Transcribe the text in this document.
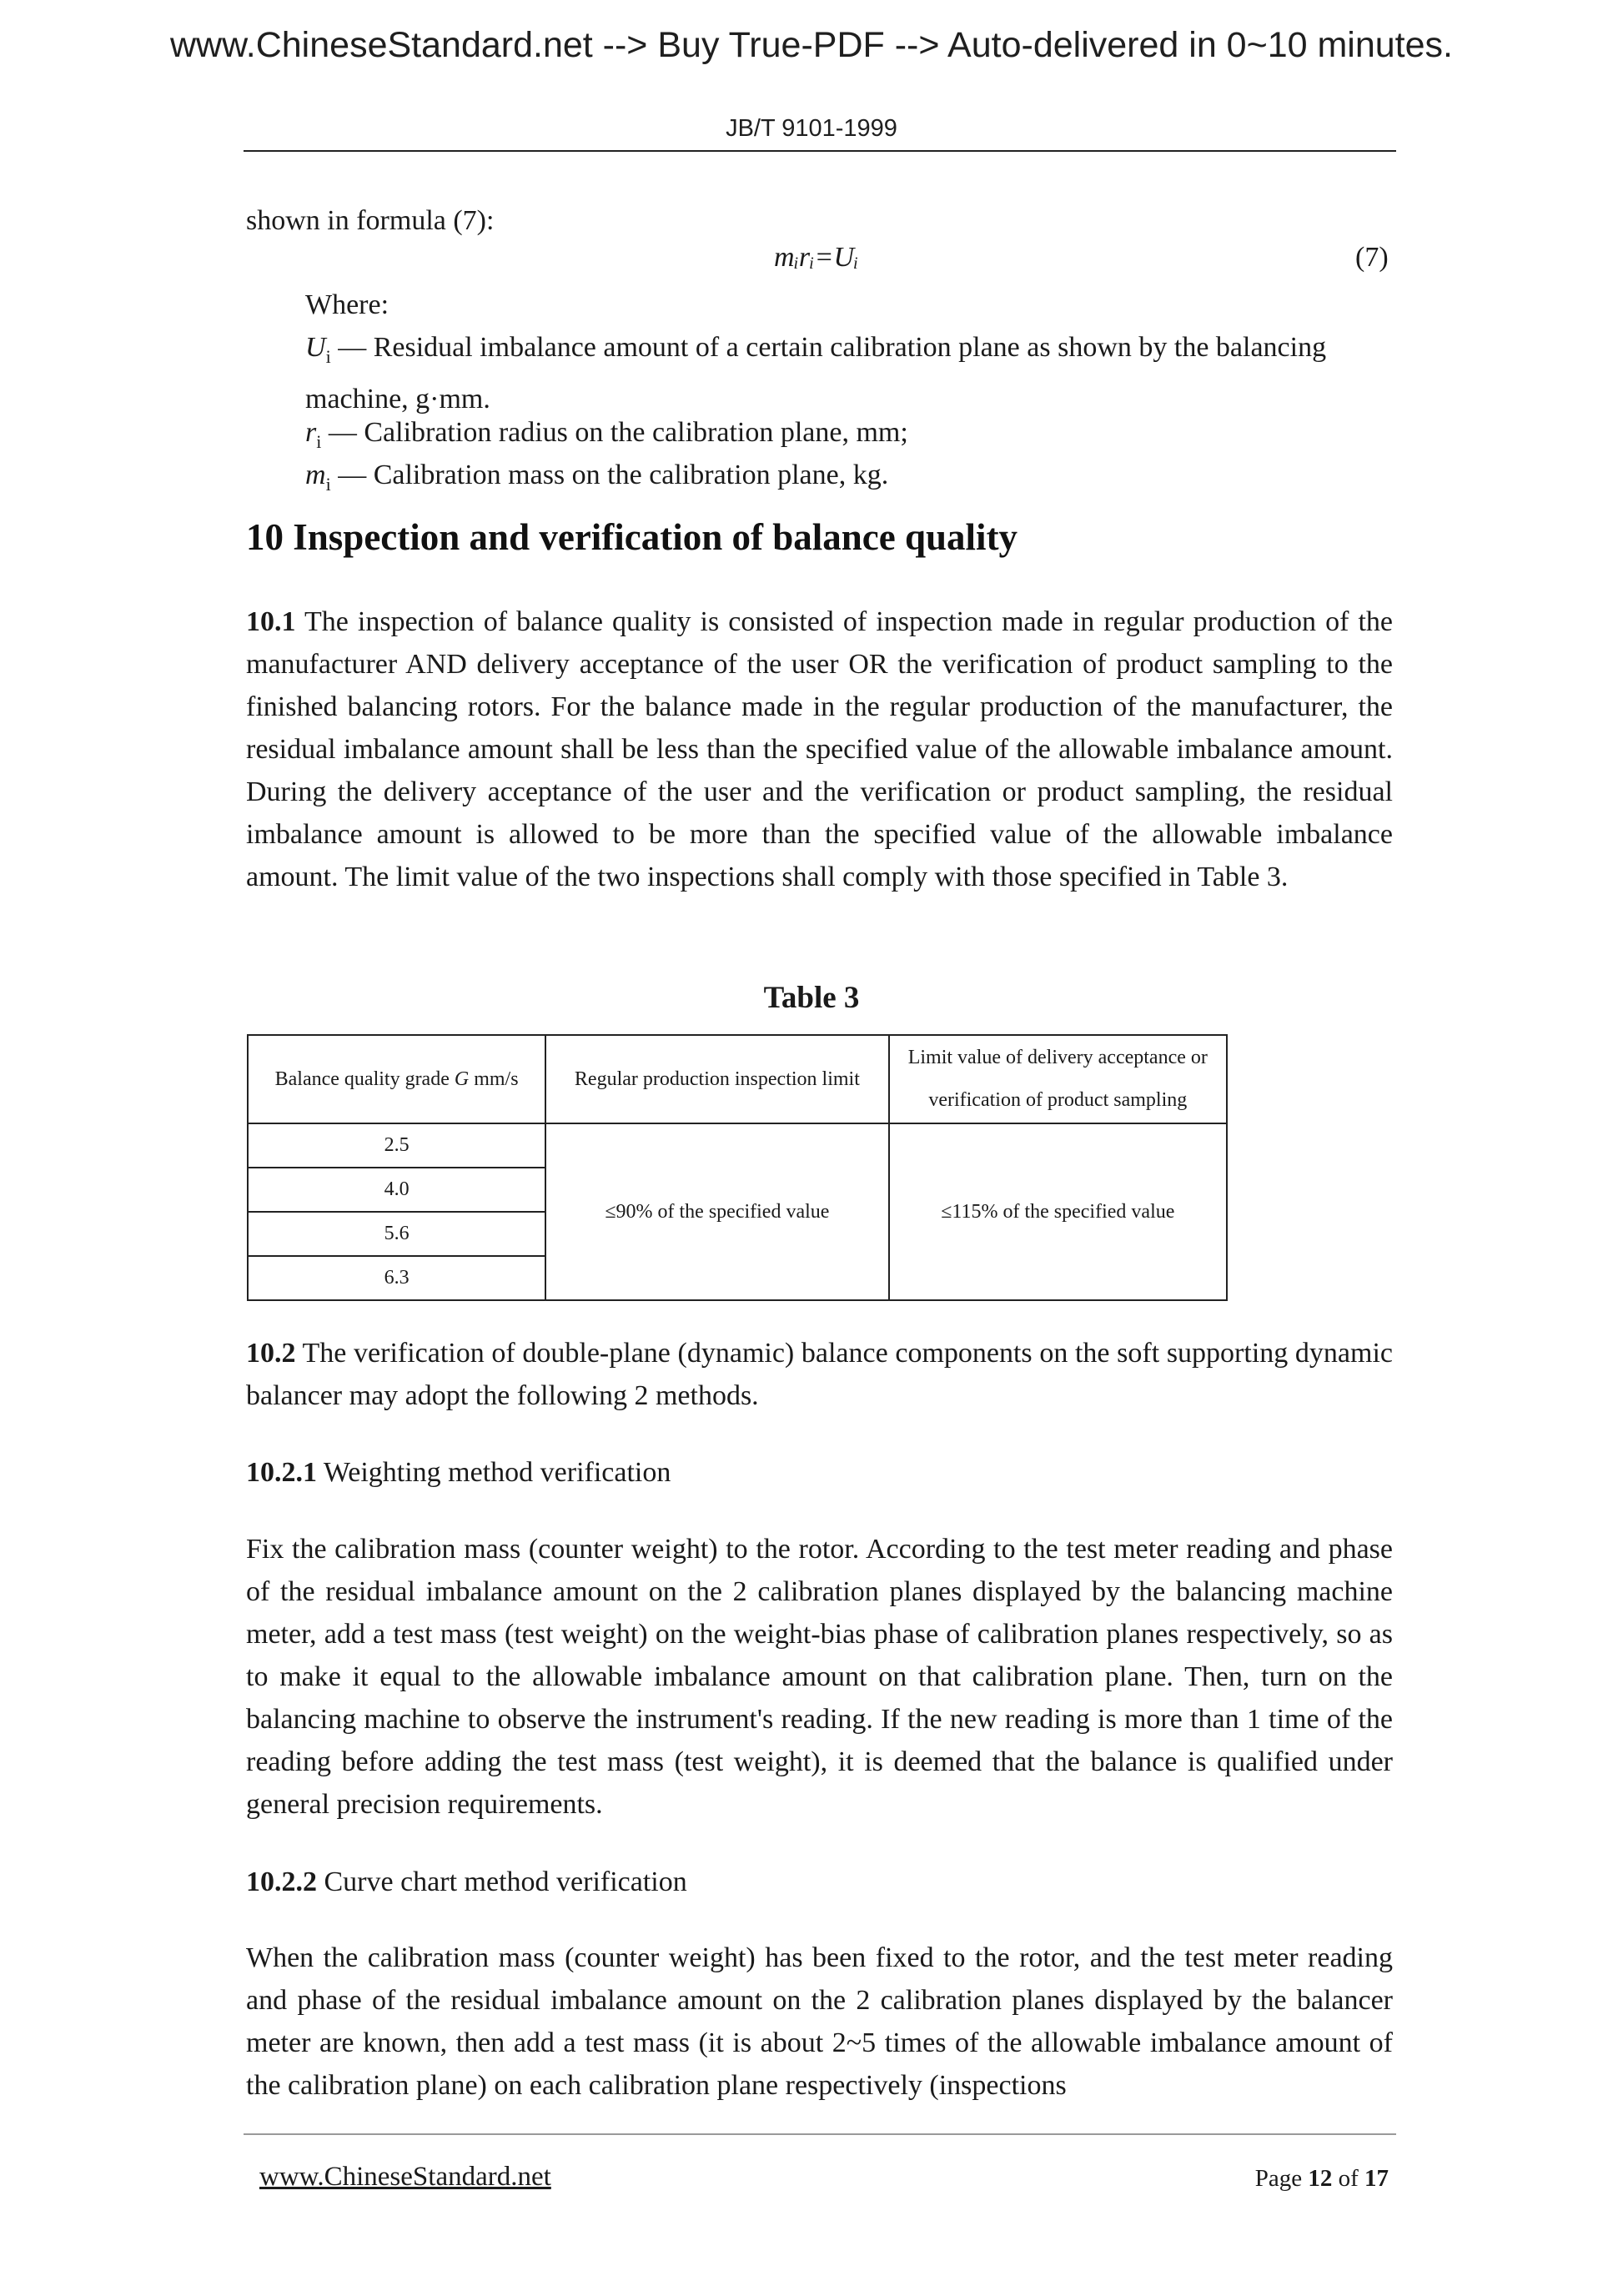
www.ChineseStandard.net --> Buy True-PDF --> Auto-delivered in 0~10 minutes.
JB/T 9101-1999
shown in formula (7):
mᵢrᵢ=Uᵢ	(7)
Where:
$U_i$ — Residual imbalance amount of a certain calibration plane as shown by the balancing machine, g·mm.
$r_i$ — Calibration radius on the calibration plane, mm;
$m_i$ — Calibration mass on the calibration plane, kg.
10 Inspection and verification of balance quality
10.1 The inspection of balance quality is consisted of inspection made in regular production of the manufacturer AND delivery acceptance of the user OR the verification of product sampling to the finished balancing rotors. For the balance made in the regular production of the manufacturer, the residual imbalance amount shall be less than the specified value of the allowable imbalance amount. During the delivery acceptance of the user and the verification or product sampling, the residual imbalance amount is allowed to be more than the specified value of the allowable imbalance amount. The limit value of the two inspections shall comply with those specified in Table 3.
Table 3
Balance quality grade G mm/s	Regular production inspection limit	Limit value of delivery acceptance or verification of product sampling
2.5	≤90% of the specified value	≤115% of the specified value
4.0		
5.6		
6.3		
10.2 The verification of double-plane (dynamic) balance components on the soft supporting dynamic balancer may adopt the following 2 methods.
10.2.1 Weighting method verification
Fix the calibration mass (counter weight) to the rotor. According to the test meter reading and phase of the residual imbalance amount on the 2 calibration planes displayed by the balancing machine meter, add a test mass (test weight) on the weight-bias phase of calibration planes respectively, so as to make it equal to the allowable imbalance amount on that calibration plane. Then, turn on the balancing machine to observe the instrument's reading. If the new reading is more than 1 time of the reading before adding the test mass (test weight), it is deemed that the balance is qualified under general precision requirements.
10.2.2 Curve chart method verification
When the calibration mass (counter weight) has been fixed to the rotor, and the test meter reading and phase of the residual imbalance amount on the 2 calibration planes displayed by the balancer meter are known, then add a test mass (it is about 2~5 times of the allowable imbalance amount of the calibration plane) on each calibration plane respectively (inspections
www.ChineseStandard.net	Page 12 of 17
